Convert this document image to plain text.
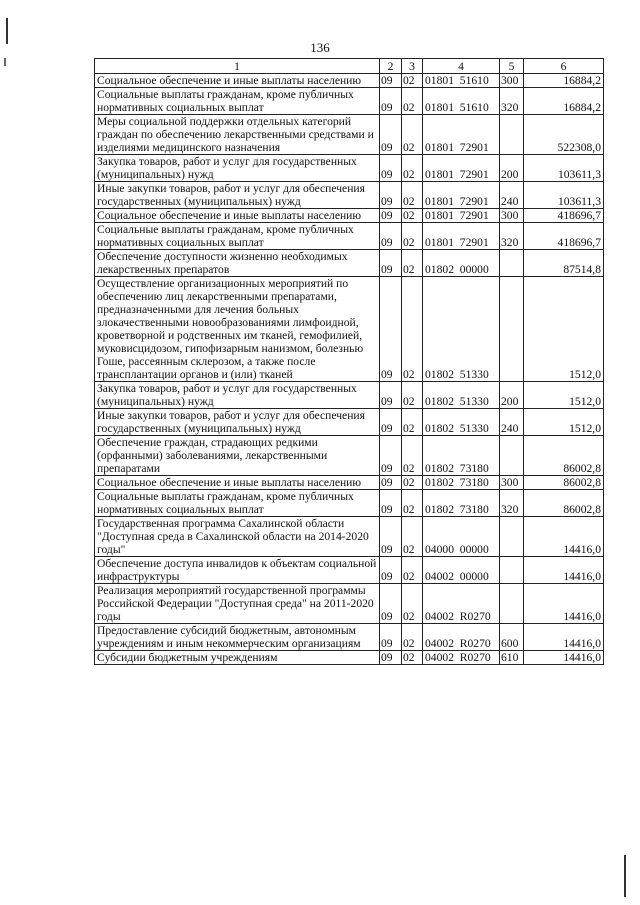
136
1	2	3	4	5	6
Социальное обеспечение и иные выплаты населению	09	02	01801  51610	300	16884,2
Социальные выплаты гражданам, кроме публичных нормативных социальных выплат	09	02	01801  51610	320	16884,2
Меры социальной поддержки отдельных категорий граждан по обеспечению лекарственными средствами и изделиями медицинского назначения	09	02	01801  72901		522308,0
Закупка товаров, работ и услуг для государственных (муниципальных) нужд	09	02	01801  72901	200	103611,3
Иные закупки товаров, работ и услуг для обеспечения государственных (муниципальных) нужд	09	02	01801  72901	240	103611,3
Социальное обеспечение и иные выплаты населению	09	02	01801  72901	300	418696,7
Социальные выплаты гражданам, кроме публичных нормативных социальных выплат	09	02	01801  72901	320	418696,7
Обеспечение доступности жизненно необходимых лекарственных препаратов	09	02	01802  00000		87514,8
Осуществление организационных мероприятий по обеспечению лиц лекарственными препаратами, предназначенными для лечения больных злокачественными новообразованиями лимфоидной, кроветворной и родственных им тканей, гемофилией, муковисцидозом, гипофизарным нанизмом, болезнью Гоше, рассеянным склерозом, а также после трансплантации органов и (или) тканей	09	02	01802  51330		1512,0
Закупка товаров, работ и услуг для государственных (муниципальных) нужд	09	02	01802  51330	200	1512,0
Иные закупки товаров, работ и услуг для обеспечения государственных (муниципальных) нужд	09	02	01802  51330	240	1512,0
Обеспечение граждан, страдающих редкими (орфанными) заболеваниями, лекарственными препаратами	09	02	01802  73180		86002,8
Социальное обеспечение и иные выплаты населению	09	02	01802  73180	300	86002,8
Социальные выплаты гражданам, кроме публичных нормативных социальных выплат	09	02	01802  73180	320	86002,8
Государственная программа Сахалинской области "Доступная среда в Сахалинской области на 2014-2020 годы"	09	02	04000  00000		14416,0
Обеспечение доступа инвалидов к объектам социальной инфраструктуры	09	02	04002  00000		14416,0
Реализация мероприятий государственной программы Российской Федерации "Доступная среда" на 2011-2020 годы	09	02	04002  R0270		14416,0
Предоставление субсидий бюджетным, автономным учреждениям и иным некоммерческим организациям	09	02	04002  R0270	600	14416,0
Субсидии бюджетным учреждениям	09	02	04002  R0270	610	14416,0
